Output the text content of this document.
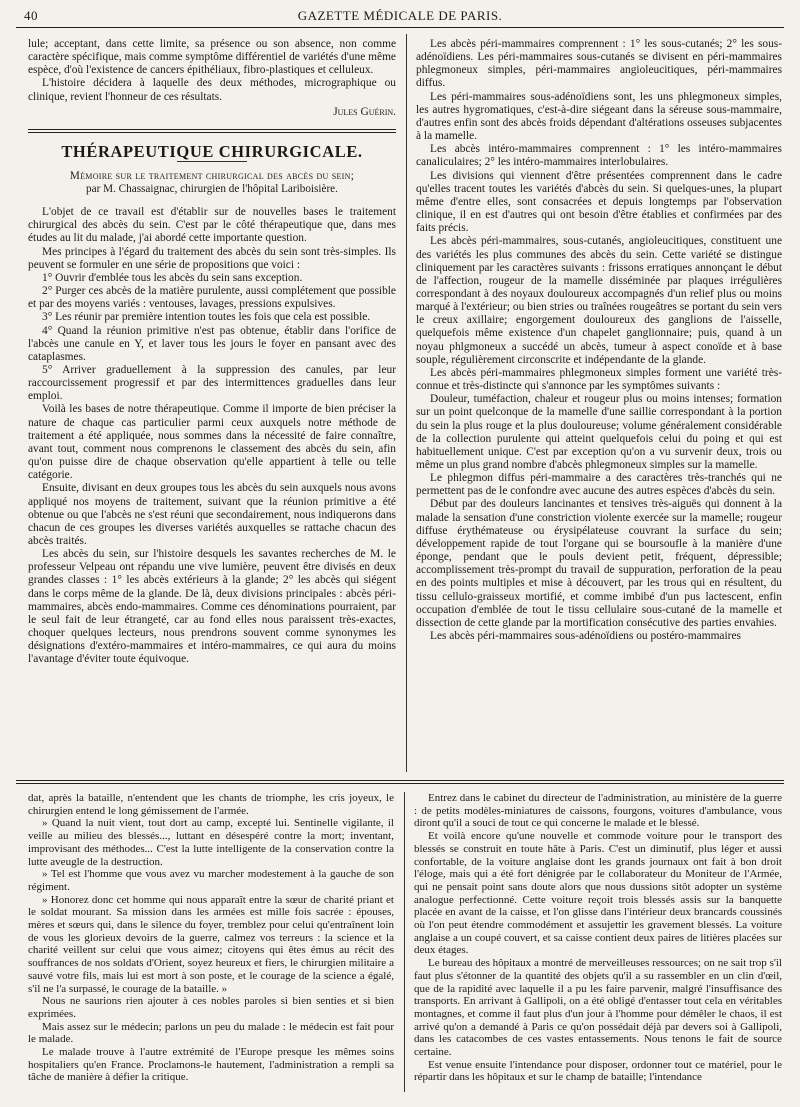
40	GAZETTE MÉDICALE DE PARIS.

lule; acceptant, dans cette limite, sa présence ou son absence, non comme caractère spécifique, mais comme symptôme différentiel de variétés d'une même espèce, d'où l'existence de cancers épithéliaux, fibro-plastiques et celluleux.

L'histoire décidera à laquelle des deux méthodes, micrographique ou clinique, revient l'honneur de ces résultats.

Jules Guérin.
THÉRAPEUTIQUE CHIRURGICALE.
Mémoire sur le traitement chirurgical des abcès du sein;
par M. Chassaignac, chirurgien de l'hôpital Lariboisière.

L'objet de ce travail est d'établir sur de nouvelles bases le traitement chirurgical des abcès du sein. C'est par le côté thérapeutique que, dans mes études au lit du malade, j'ai abordé cette importante question.

Mes principes à l'égard du traitement des abcès du sein sont très-simples. Ils peuvent se formuler en une série de propositions que voici :

1° Ouvrir d'emblée tous les abcès du sein sans exception.

2° Purger ces abcès de la matière purulente, aussi complétement que possible et par des moyens variés : ventouses, lavages, pressions expulsives.

3° Les réunir par première intention toutes les fois que cela est possible.

4° Quand la réunion primitive n'est pas obtenue, établir dans l'orifice de l'abcès une canule en Y, et laver tous les jours le foyer en pansant avec des cataplasmes.

5° Arriver graduellement à la suppression des canules, par leur raccourcissement progressif et par des intermittences graduelles dans leur emploi.

Voilà les bases de notre thérapeutique. Comme il importe de bien préciser la nature de chaque cas particulier parmi ceux auxquels notre méthode de traitement a été appliquée, nous sommes dans la nécessité de faire connaître, avant tout, comment nous comprenons le classement des abcès du sein, afin qu'on puisse dire de chaque observation qu'elle appartient à telle ou telle catégorie.

Ensuite, divisant en deux groupes tous les abcès du sein auxquels nous avons appliqué nos moyens de traitement, suivant que la réunion primitive a été obtenue ou que l'abcès ne s'est réuni que secondairement, nous indiquerons dans chacun de ces groupes les diverses variétés auxquelles se rattache chacun des abcès traités.

Les abcès du sein, sur l'histoire desquels les savantes recherches de M. le professeur Velpeau ont répandu une vive lumière, peuvent être divisés en deux grandes classes : 1° les abcès extérieurs à la glande; 2° les abcès qui siégent dans le corps même de la glande. De là, deux divisions principales : abcès péri-mammaires, abcès endo-mammaires. Comme ces dénominations pourraient, par le seul fait de leur étrangeté, car au fond elles nous paraissent très-exactes, choquer quelques lecteurs, nous prendrons souvent comme synonymes les désignations d'extéro-mammaires et intéro-mammaires, ce qui aura du moins l'avantage d'éviter toute équivoque.

Les abcès péri-mammaires comprennent : 1° les sous-cutanés; 2° les sous-adénoïdiens. Les péri-mammaires sous-cutanés se divisent en péri-mammaires phlegmoneux simples, péri-mammaires angioleucitiques, péri-mammaires diffus.

Les péri-mammaires sous-adénoïdiens sont, les uns phlegmoneux simples, les autres hygromatiques, c'est-à-dire siégeant dans la séreuse sous-mammaire, d'autres enfin sont des abcès froids dépendant d'altérations osseuses subjacentes à la mamelle.

Les abcès intéro-mammaires comprennent : 1° les intéro-mammaires canaliculaires; 2° les intéro-mammaires interlobulaires.

Les divisions qui viennent d'être présentées comprennent dans le cadre qu'elles tracent toutes les variétés d'abcès du sein. Si quelques-unes, la plupart même d'entre elles, sont consacrées et depuis longtemps par l'observation clinique, il en est d'autres qui ont besoin d'être établies et confirmées par des faits précis.

Les abcès péri-mammaires, sous-cutanés, angioleucitiques, constituent une des variétés les plus communes des abcès du sein. Cette variété se distingue cliniquement par les caractères suivants : frissons erratiques annonçant le début de l'affection, rougeur de la mamelle disséminée par plaques irrégulières correspondant à des noyaux douloureux accompagnés d'un relief plus ou moins marqué à l'extérieur; ou bien stries ou traînées rougeâtres se portant du sein vers le creux axillaire; engorgement douloureux des ganglions de l'aisselle, quelquefois même existence d'un chapelet ganglionnaire; puis, quand à un noyau phlgmoneux a succédé un abcès, tumeur à aspect conoïde et à base souple, régulièrement circonscrite et indépendante de la glande.

Les abcès péri-mammaires phlegmoneux simples forment une variété très-connue et très-distincte qui s'annonce par les symptômes suivants :

Douleur, tuméfaction, chaleur et rougeur plus ou moins intenses; formation sur un point quelconque de la mamelle d'une saillie correspondant à la portion du sein la plus rouge et la plus douloureuse; volume généralement considérable de la collection purulente qui atteint quelquefois celui du poing et qui est habituellement unique. C'est par exception qu'on a vu survenir deux, trois ou même un plus grand nombre d'abcès phlegmoneux simples sur la mamelle.

Le phlegmon diffus péri-mammaire a des caractères très-tranchés qui ne permettent pas de le confondre avec aucune des autres espèces d'abcès du sein.

Début par des douleurs lancinantes et tensives très-aiguës qui donnent à la malade la sensation d'une constriction violente exercée sur la mamelle; rougeur diffuse érythémateuse ou érysipélateuse couvrant la surface du sein; développement rapide de tout l'organe qui se boursoufle à la manière d'une éponge, pendant que le pouls devient petit, fréquent, dépressible; accomplissement très-prompt du travail de suppuration, perforation de la peau en des points multiples et mise à découvert, par les trous qui en résultent, du tissu cellulo-graisseux mortifié, et comme imbibé d'un pus lactescent, enfin occupation d'emblée de tout le tissu cellulaire sous-cutané de la mamelle et dissection de cette glande par la mortification consécutive des parties envahies.

Les abcès péri-mammaires sous-adénoïdiens ou postéro-mammaires

dat, après la bataille, n'entendent que les chants de triomphe, les cris joyeux, le chirurgien entend le long gémissement de l'armée.

» Quand la nuit vient, tout dort au camp, excepté lui. Sentinelle vigilante, il veille au milieu des blessés..., luttant en désespéré contre la mort; inventant, improvisant des méthodes... C'est la lutte intelligente de la conservation contre la lutte aveugle de la destruction.

» Tel est l'homme que vous avez vu marcher modestement à la gauche de son régiment.

» Honorez donc cet homme qui nous apparaît entre la sœur de charité priant et le soldat mourant. Sa mission dans les armées est mille fois sacrée : épouses, mères et sœurs qui, dans le silence du foyer, tremblez pour celui qu'entraînent loin de vous les glorieux devoirs de la guerre, calmez vos terreurs : la science et la charité veillent sur celui que vous aimez; citoyens qui êtes émus au récit des souffrances de nos soldats d'Orient, soyez heureux et fiers, le chirurgien militaire a sauvé votre fils, mais lui est mort à son poste, et le courage de la science a égalé, s'il ne l'a surpassé, le courage de la bataille. »

Nous ne saurions rien ajouter à ces nobles paroles si bien senties et si bien exprimées.

Mais assez sur le médecin; parlons un peu du malade : le médecin est fait pour le malade.

Le malade trouve à l'autre extrémité de l'Europe presque les mêmes soins hospitaliers qu'en France. Proclamons-le hautement, l'administration a rempli sa tâche de manière à défier la critique.

Entrez dans le cabinet du directeur de l'administration, au ministère de la guerre : de petits modèles-miniatures de caissons, fourgons, voitures d'ambulance, vous diront qu'il a souci de tout ce qui concerne le malade et le blessé.

Et voilà encore qu'une nouvelle et commode voiture pour le transport des blessés se construit en toute hâte à Paris. C'est un diminutif, plus léger et aussi confortable, de la voiture anglaise dont les grands journaux ont fait à bon droit l'éloge, mais qui a été fort dénigrée par le collaborateur du Moniteur de l'Armée, qui ne pensait point sans doute alors que nous dussions sitôt adopter un système analogue perfectionné. Cette voiture reçoit trois blessés assis sur la banquette placée en avant de la caisse, et l'on glisse dans l'intérieur deux brancards coussinés où l'on peut étendre commodément et assujettir les gravement blessés. La voiture anglaise a un coupé couvert, et sa caisse contient deux paires de litières placées sur deux étages.

Le bureau des hôpitaux a montré de merveilleuses ressources; on ne sait trop s'il faut plus s'étonner de la quantité des objets qu'il a su rassembler en un clin d'œil, que de la rapidité avec laquelle il a pu les faire parvenir, malgré l'insuffisance des transports. En arrivant à Gallipoli, on a été obligé d'entasser tout cela en véritables montagnes, et comme il faut plus d'un jour à l'homme pour démêler le chaos, il est arrivé qu'on a demandé à Paris ce qu'on possédait déjà par devers soi à Gallipoli, dans les catacombes de ces vastes entassements. Nous tenons le fait de source certaine.

Est venue ensuite l'intendance pour disposer, ordonner tout ce matériel, pour le répartir dans les hôpitaux et sur le champ de bataille; l'intendance
